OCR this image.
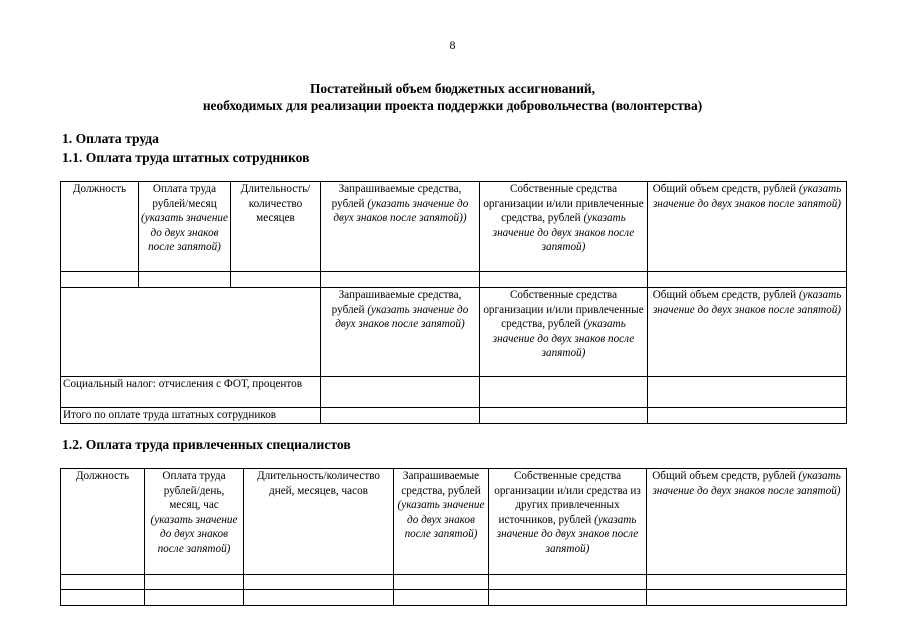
8
Постатейный объем бюджетных ассигнований,
необходимых для реализации проекта поддержки добровольчества (волонтерства)
1. Оплата труда
1.1. Оплата труда штатных сотрудников
Должность	Оплата труда рублей/месяц (указать значение до двух знаков после запятой)	Длительность/ количество месяцев	Запрашиваемые средства, рублей (указать значение до двух знаков после запятой))	Собственные средства организации и/или привлеченные средства, рублей (указать значение до двух знаков после запятой)	Общий объем средств, рублей (указать значение до двух знаков после запятой)

			Запрашиваемые средства, рублей (указать значение до двух знаков после запятой)	Собственные средства организации и/или привлеченные средства, рублей (указать значение до двух знаков после запятой)	Общий объем средств, рублей (указать значение до двух знаков после запятой)
Социальный налог: отчисления с ФОТ, процентов					
Итого по оплате труда штатных сотрудников					
1.2. Оплата труда привлеченных специалистов
Должность	Оплата труда рублей/день, месяц, час (указать значение до двух знаков после запятой)	Длительность/количество дней, месяцев, часов	Запрашиваемые средства, рублей (указать значение до двух знаков после запятой)	Собственные средства организации и/или средства из других привлеченных источников, рублей (указать значение до двух знаков после запятой)	Общий объем средств, рублей (указать значение до двух знаков после запятой)
